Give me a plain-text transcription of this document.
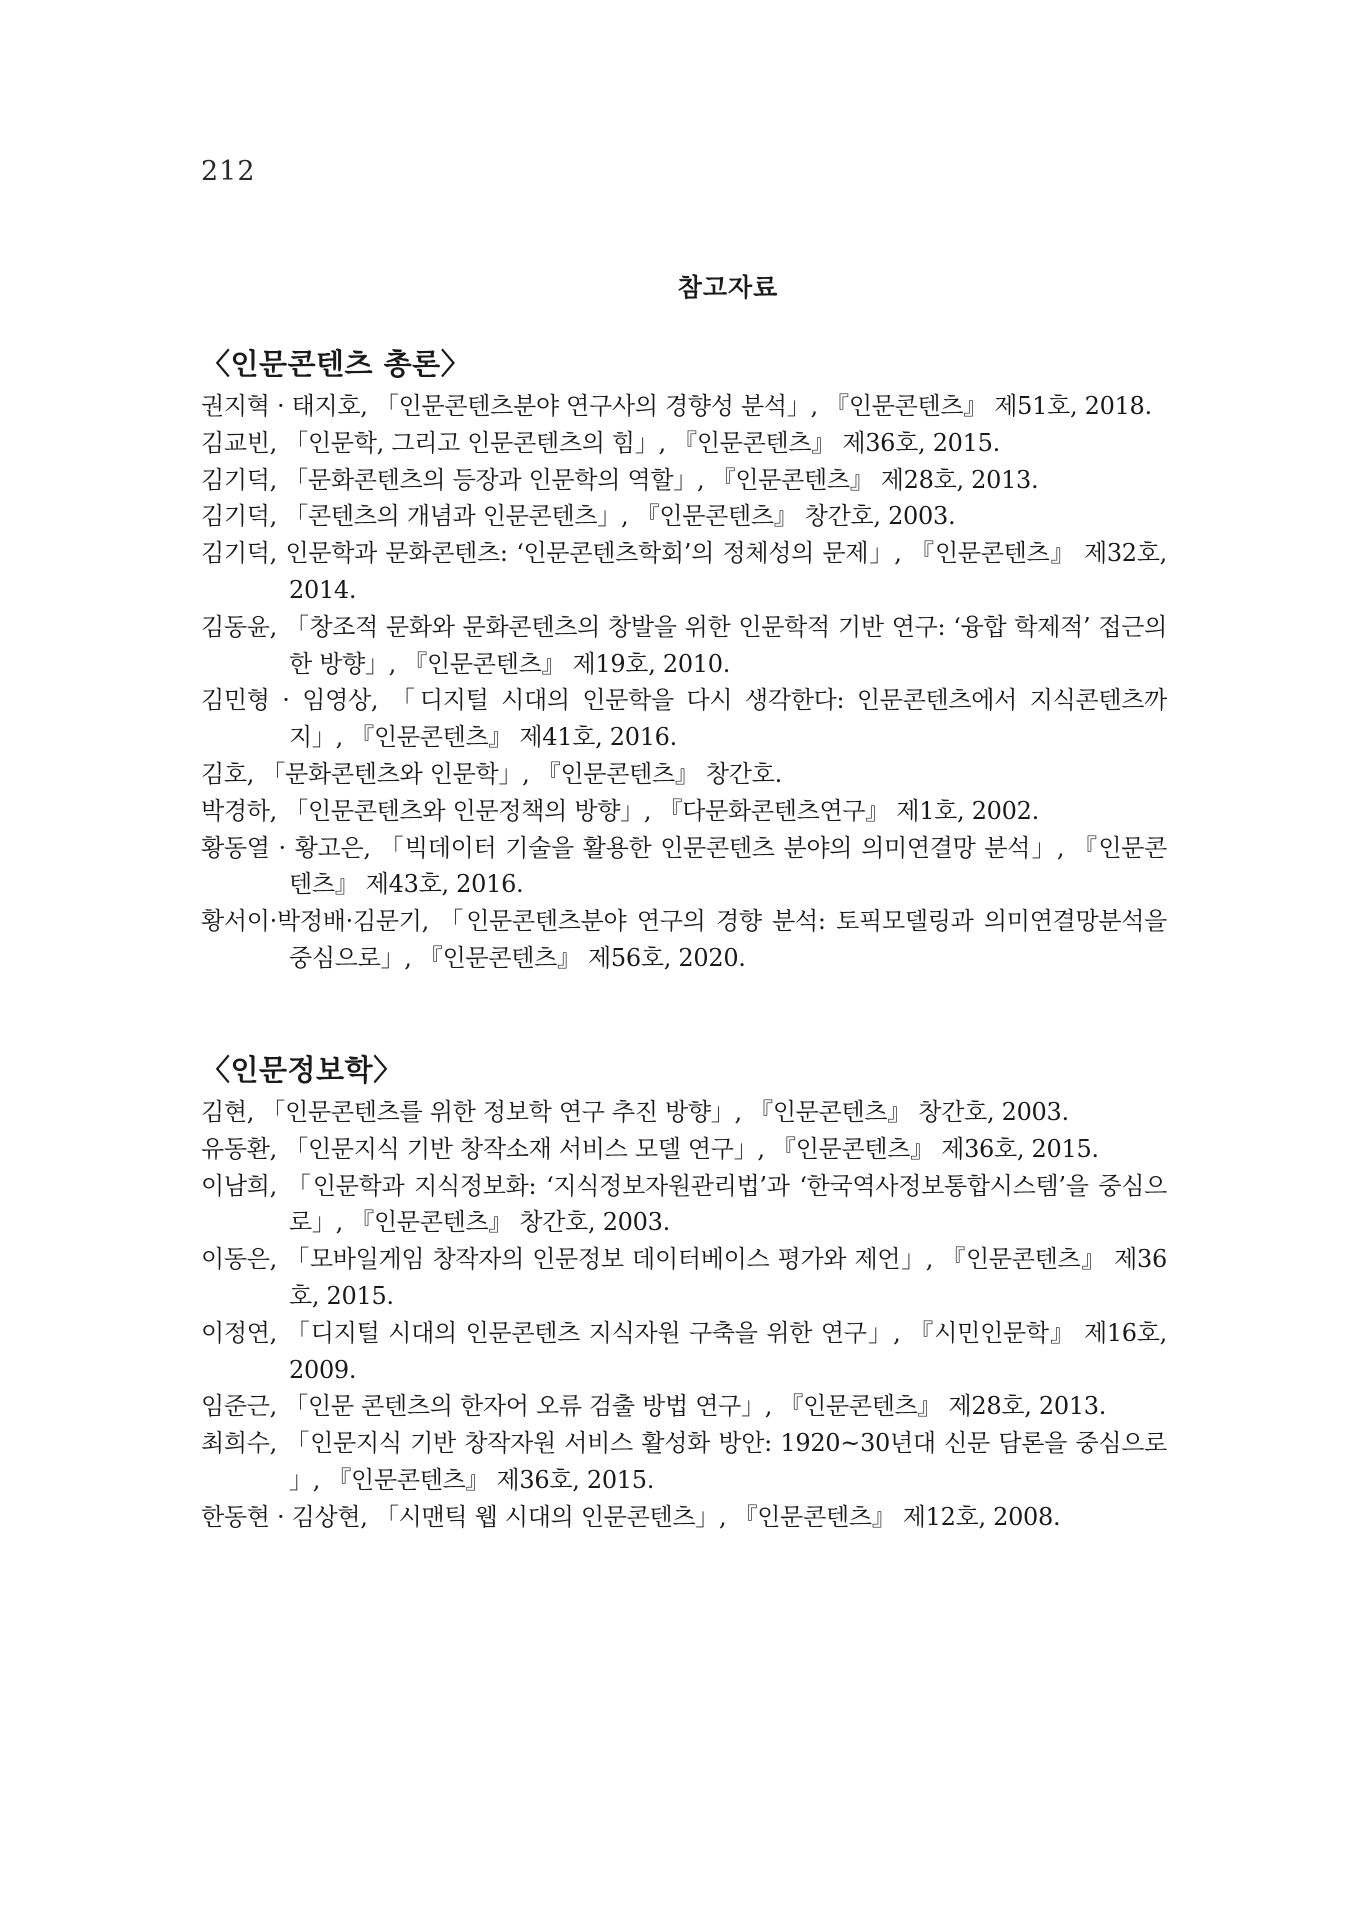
212
참고자료
〈인문콘텐츠 총론〉
권지혁 · 태지호, 「인문콘텐츠분야 연구사의 경향성 분석」, 『인문콘텐츠』 제51호, 2018.
김교빈, 「인문학, 그리고 인문콘텐츠의 힘」, 『인문콘텐츠』 제36호, 2015.
김기덕, 「문화콘텐츠의 등장과 인문학의 역할」, 『인문콘텐츠』 제28호, 2013.
김기덕, 「콘텐츠의 개념과 인문콘텐츠」, 『인문콘텐츠』 창간호, 2003.
김기덕, 인문학과 문화콘텐츠: ‘인문콘텐츠학회’의 정체성의 문제」, 『인문콘텐츠』 제32호, 2014.
김동윤, 「창조적 문화와 문화콘텐츠의 창발을 위한 인문학적 기반 연구: ‘융합 학제적’ 접근의 한 방향」, 『인문콘텐츠』 제19호, 2010.
김민형 · 임영상, 「디지털 시대의 인문학을 다시 생각한다: 인문콘텐츠에서 지식콘텐츠까지」, 『인문콘텐츠』 제41호, 2016.
김호, 「문화콘텐츠와 인문학」, 『인문콘텐츠』 창간호.
박경하, 「인문콘텐츠와 인문정책의 방향」, 『다문화콘텐츠연구』 제1호, 2002.
황동열 · 황고은, 「빅데이터 기술을 활용한 인문콘텐츠 분야의 의미연결망 분석」, 『인문콘텐츠』 제43호, 2016.
황서이·박정배·김문기, 「인문콘텐츠분야 연구의 경향 분석: 토픽모델링과 의미연결망분석을 중심으로」, 『인문콘텐츠』 제56호, 2020.
〈인문정보학〉
김현, 「인문콘텐츠를 위한 정보학 연구 추진 방향」, 『인문콘텐츠』 창간호, 2003.
유동환, 「인문지식 기반 창작소재 서비스 모델 연구」, 『인문콘텐츠』 제36호, 2015.
이남희, 「인문학과 지식정보화: ‘지식정보자원관리법’과 ‘한국역사정보통합시스템’을 중심으로」, 『인문콘텐츠』 창간호, 2003.
이동은, 「모바일게임 창작자의 인문정보 데이터베이스 평가와 제언」, 『인문콘텐츠』 제36호, 2015.
이정연, 「디지털 시대의 인문콘텐츠 지식자원 구축을 위한 연구」, 『시민인문학』 제16호, 2009.
임준근, 「인문 콘텐츠의 한자어 오류 검출 방법 연구」, 『인문콘텐츠』 제28호, 2013.
최희수, 「인문지식 기반 창작자원 서비스 활성화 방안: 1920~30년대 신문 담론을 중심으로 」, 『인문콘텐츠』 제36호, 2015.
한동현 · 김상현, 「시맨틱 웹 시대의 인문콘텐츠」, 『인문콘텐츠』 제12호, 2008.
